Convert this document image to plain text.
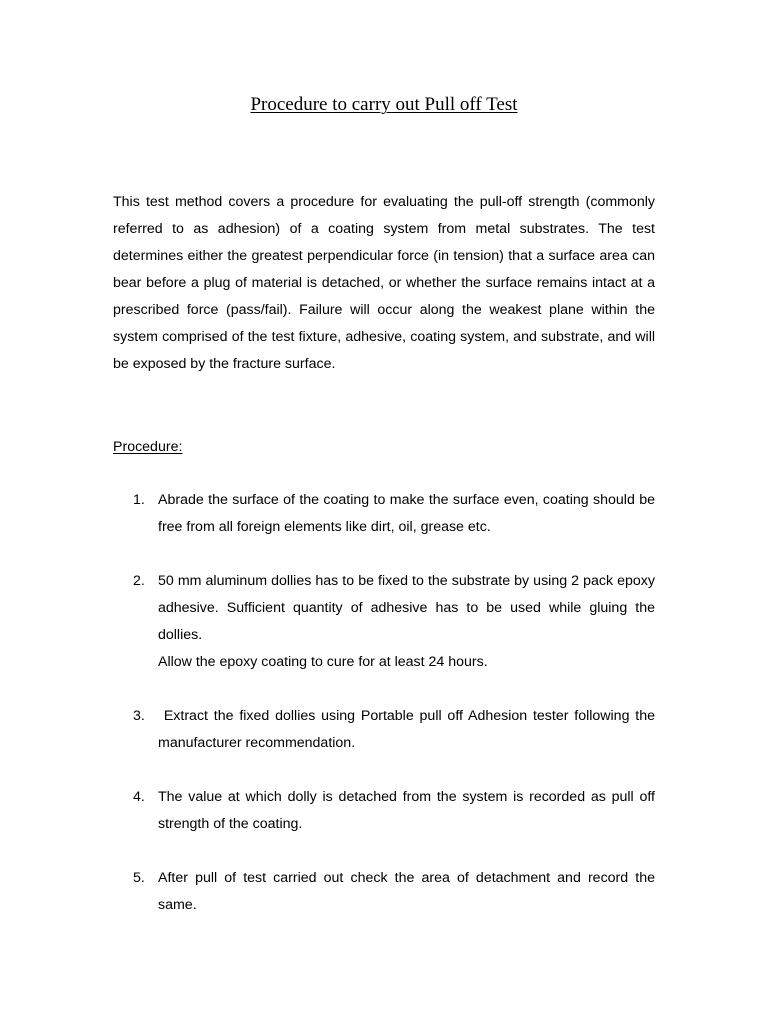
Procedure to carry out Pull off Test

This test method covers a procedure for evaluating the pull-off strength (commonly referred to as adhesion) of a coating system from metal substrates. The test determines either the greatest perpendicular force (in tension) that a surface area can bear before a plug of material is detached, or whether the surface remains intact at a prescribed force (pass/fail). Failure will occur along the weakest plane within the system comprised of the test fixture, adhesive, coating system, and substrate, and will be exposed by the fracture surface.

Procedure:

1. Abrade the surface of the coating to make the surface even, coating should be free from all foreign elements like dirt, oil, grease etc.

2. 50 mm aluminum dollies has to be fixed to the substrate by using 2 pack epoxy adhesive. Sufficient quantity of adhesive has to be used while gluing the dollies.
Allow the epoxy coating to cure for at least 24 hours.
3. Extract the fixed dollies using Portable pull off Adhesion tester following the manufacturer recommendation.

4. The value at which dolly is detached from the system is recorded as pull off strength of the coating.

5. After pull of test carried out check the area of detachment and record the same.
